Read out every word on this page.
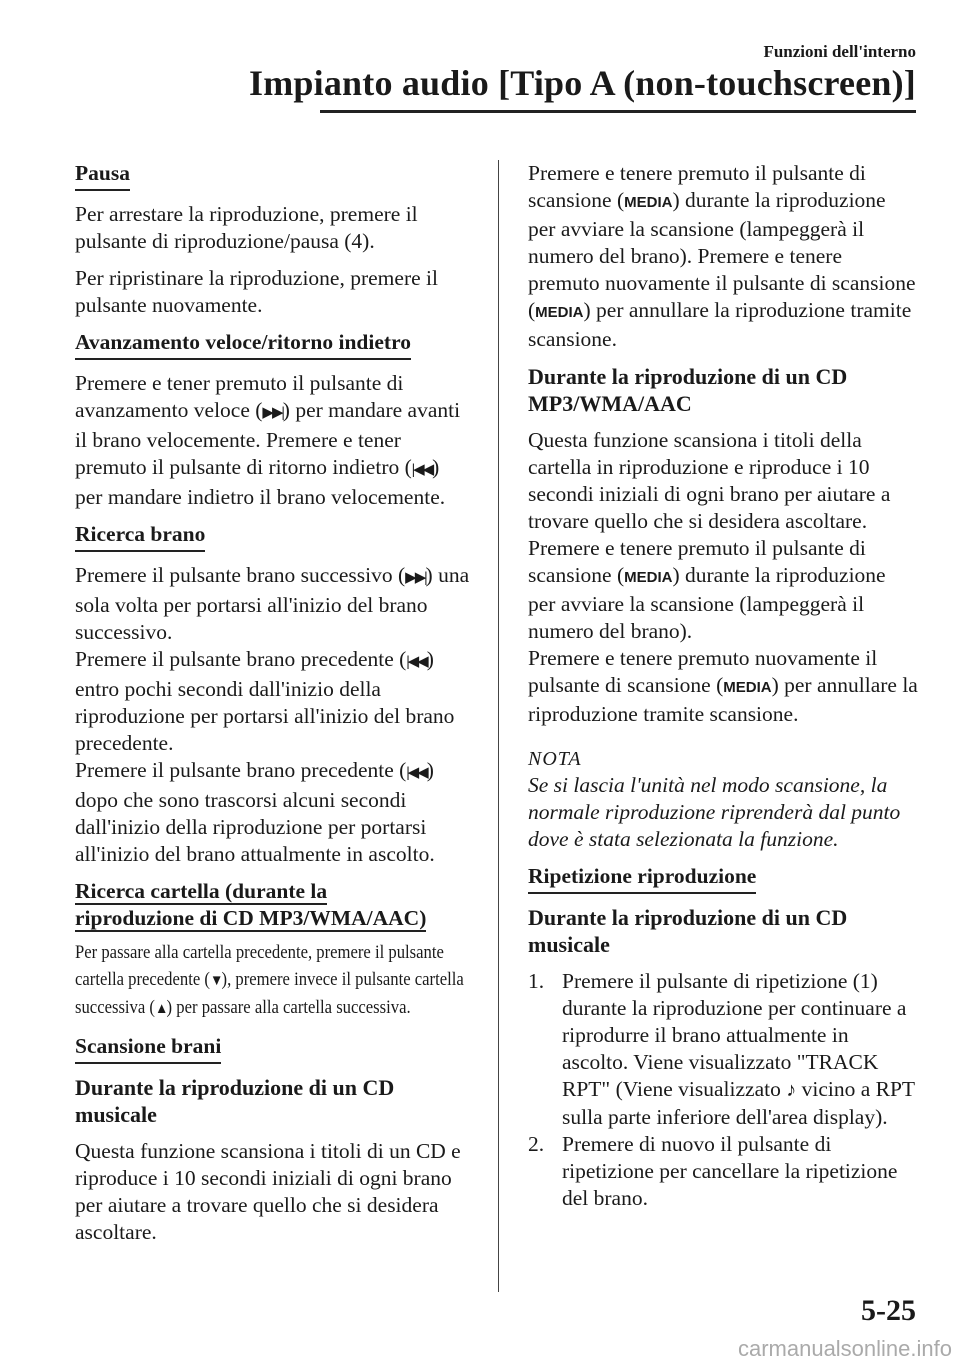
Funzioni dell'interno
Impianto audio [Tipo A (non-touchscreen)]
Pausa

Per arrestare la riproduzione, premere il pulsante di riproduzione/pausa (4).

Per ripristinare la riproduzione, premere il pulsante nuovamente.

Avanzamento veloce/ritorno indietro

Premere e tener premuto il pulsante di avanzamento veloce (▶▶|) per mandare avanti il brano velocemente. Premere e tener premuto il pulsante di ritorno indietro (|◀◀) per mandare indietro il brano velocemente.

Ricerca brano

Premere il pulsante brano successivo (▶▶|) una sola volta per portarsi all'inizio del brano successivo.

Premere il pulsante brano precedente (|◀◀) entro pochi secondi dall'inizio della riproduzione per portarsi all'inizio del brano precedente.

Premere il pulsante brano precedente (|◀◀) dopo che sono trascorsi alcuni secondi dall'inizio della riproduzione per portarsi all'inizio del brano attualmente in ascolto.

Ricerca cartella (durante la
riproduzione di CD MP3/WMA/AAC)

Per passare alla cartella precedente, premere il pulsante cartella precedente (▼), premere invece il pulsante cartella successiva (▲) per passare alla cartella successiva.

Scansione brani
Durante la riproduzione di un CD musicale

Questa funzione scansiona i titoli di un CD e riproduce i 10 secondi iniziali di ogni brano per aiutare a trovare quello che si desidera ascoltare.

Premere e tenere premuto il pulsante di scansione (MEDIA) durante la riproduzione per avviare la scansione (lampeggerà il numero del brano). Premere e tenere premuto nuovamente il pulsante di scansione (MEDIA) per annullare la riproduzione tramite scansione.

Durante la riproduzione di un CD MP3/WMA/AAC

Questa funzione scansiona i titoli della cartella in riproduzione e riproduce i 10 secondi iniziali di ogni brano per aiutare a trovare quello che si desidera ascoltare.

Premere e tenere premuto il pulsante di scansione (MEDIA) durante la riproduzione per avviare la scansione (lampeggerà il numero del brano).

Premere e tenere premuto nuovamente il pulsante di scansione (MEDIA) per annullare la riproduzione tramite scansione.

NOTA
Se si lascia l'unità nel modo scansione, la normale riproduzione riprenderà dal punto dove è stata selezionata la funzione.
Ripetizione riproduzione
Durante la riproduzione di un CD musicale
1. Premere il pulsante di ripetizione (1) durante la riproduzione per continuare a riprodurre il brano attualmente in ascolto. Viene visualizzato "TRACK RPT" (Viene visualizzato ♪ vicino a RPT sulla parte inferiore dell'area display).
2. Premere di nuovo il pulsante di ripetizione per cancellare la ripetizione del brano.
5-25
carmanualsonline.info
